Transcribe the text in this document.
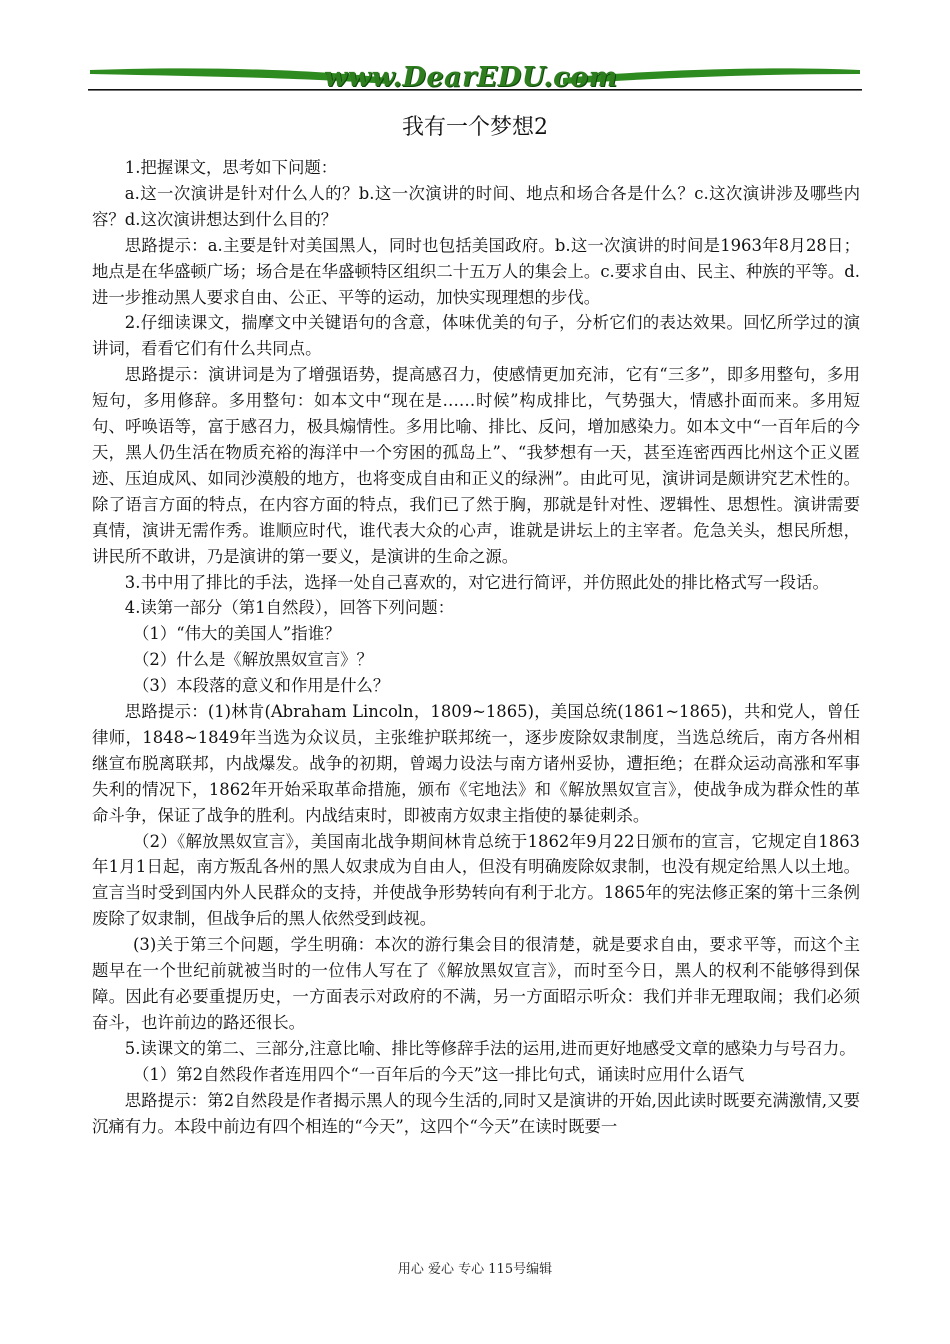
www.DearEDU.com
我有一个梦想2

1.把握课文，思考如下问题：

a.这一次演讲是针对什么人的？b.这一次演讲的时间、地点和场合各是什么？c.这次演讲涉及哪些内容？d.这次演讲想达到什么目的？

思路提示：a.主要是针对美国黑人，同时也包括美国政府。b.这一次演讲的时间是1963年8月28日；地点是在华盛顿广场；场合是在华盛顿特区组织二十五万人的集会上。c.要求自由、民主、种族的平等。d.进一步推动黑人要求自由、公正、平等的运动，加快实现理想的步伐。

2.仔细读课文，揣摩文中关键语句的含意，体味优美的句子，分析它们的表达效果。回忆所学过的演讲词，看看它们有什么共同点。

思路提示：演讲词是为了增强语势，提高感召力，使感情更加充沛，它有“三多”，即多用整句，多用短句，多用修辞。多用整句：如本文中“现在是……时候”构成排比，气势强大，情感扑面而来。多用短句、呼唤语等，富于感召力，极具煽情性。多用比喻、排比、反问，增加感染力。如本文中“一百年后的今天，黑人仍生活在物质充裕的海洋中一个穷困的孤岛上”、“我梦想有一天，甚至连密西西比州这个正义匿迹、压迫成风、如同沙漠般的地方，也将变成自由和正义的绿洲”。由此可见，演讲词是颇讲究艺术性的。除了语言方面的特点，在内容方面的特点，我们已了然于胸，那就是针对性、逻辑性、思想性。演讲需要真情，演讲无需作秀。谁顺应时代，谁代表大众的心声，谁就是讲坛上的主宰者。危急关头，想民所想，讲民所不敢讲，乃是演讲的第一要义，是演讲的生命之源。

3.书中用了排比的手法，选择一处自己喜欢的，对它进行简评，并仿照此处的排比格式写一段话。

4.读第一部分（第1自然段），回答下列问题：

（1）“伟大的美国人”指谁？

（2）什么是《解放黑奴宣言》？

（3）本段落的意义和作用是什么？

思路提示：(1)林肯(Abraham Lincoln，1809~1865)，美国总统(1861~1865)，共和党人，曾任律师，1848~1849年当选为众议员，主张维护联邦统一，逐步废除奴隶制度，当选总统后，南方各州相继宣布脱离联邦，内战爆发。战争的初期，曾竭力设法与南方诸州妥协，遭拒绝；在群众运动高涨和军事失利的情况下，1862年开始采取革命措施，颁布《宅地法》和《解放黑奴宣言》，使战争成为群众性的革命斗争，保证了战争的胜利。内战结束时，即被南方奴隶主指使的暴徒刺杀。

（2）《解放黑奴宣言》，美国南北战争期间林肯总统于1862年9月22日颁布的宣言，它规定自1863年1月1日起，南方叛乱各州的黑人奴隶成为自由人，但没有明确废除奴隶制，也没有规定给黑人以土地。宣言当时受到国内外人民群众的支持，并使战争形势转向有利于北方。1865年的宪法修正案的第十三条例废除了奴隶制，但战争后的黑人依然受到歧视。

(3)关于第三个问题，学生明确：本次的游行集会目的很清楚，就是要求自由，要求平等，而这个主题早在一个世纪前就被当时的一位伟人写在了《解放黑奴宣言》，而时至今日，黑人的权利不能够得到保障。因此有必要重提历史，一方面表示对政府的不满，另一方面昭示听众：我们并非无理取闹；我们必须奋斗，也许前边的路还很长。

5.读课文的第二、三部分,注意比喻、排比等修辞手法的运用,进而更好地感受文章的感染力与号召力。

（1）第2自然段作者连用四个“一百年后的今天”这一排比句式，诵读时应用什么语气

思路提示：第2自然段是作者揭示黑人的现今生活的,同时又是演讲的开始,因此读时既要充满激情,又要沉痛有力。本段中前边有四个相连的“今天”，这四个“今天”在读时既要一

用心 爱心 专心 115号编辑
